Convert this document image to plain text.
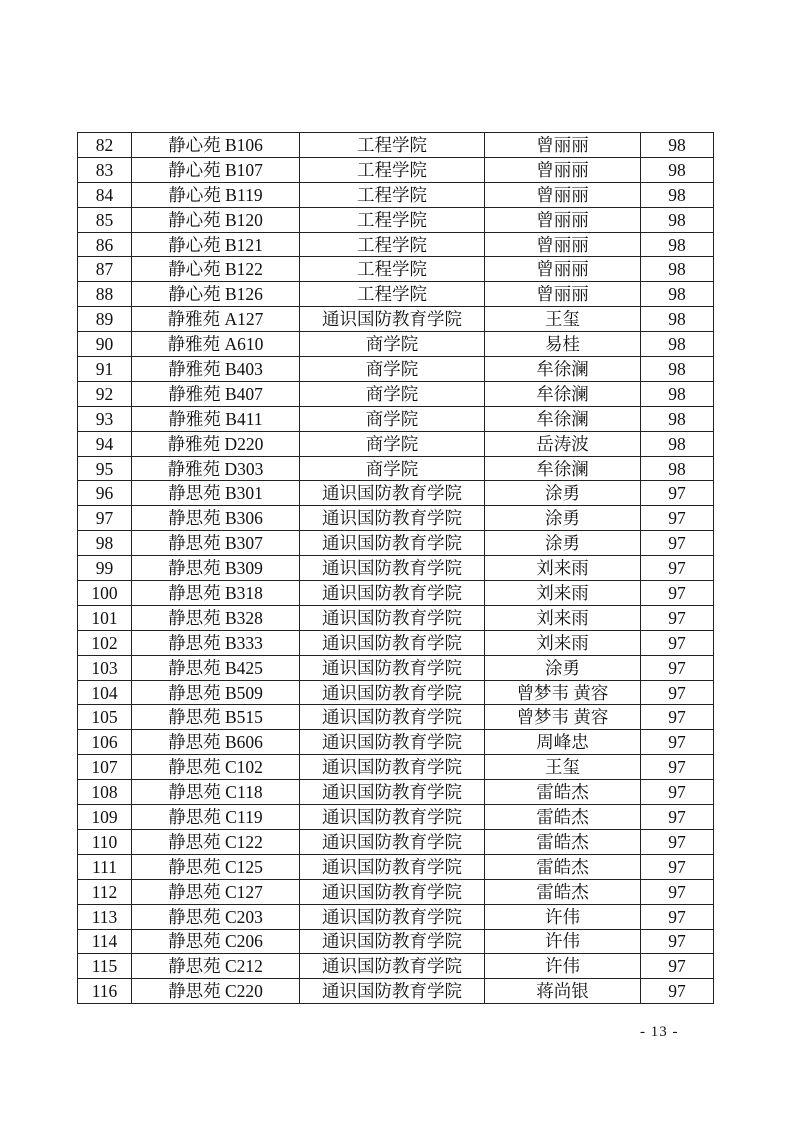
82	静心苑 B106	工程学院	曾丽丽	98
83	静心苑 B107	工程学院	曾丽丽	98
84	静心苑 B119	工程学院	曾丽丽	98
85	静心苑 B120	工程学院	曾丽丽	98
86	静心苑 B121	工程学院	曾丽丽	98
87	静心苑 B122	工程学院	曾丽丽	98
88	静心苑 B126	工程学院	曾丽丽	98
89	静雅苑 A127	通识国防教育学院	王玺	98
90	静雅苑 A610	商学院	易桂	98
91	静雅苑 B403	商学院	牟徐澜	98
92	静雅苑 B407	商学院	牟徐澜	98
93	静雅苑 B411	商学院	牟徐澜	98
94	静雅苑 D220	商学院	岳涛波	98
95	静雅苑 D303	商学院	牟徐澜	98
96	静思苑 B301	通识国防教育学院	涂勇	97
97	静思苑 B306	通识国防教育学院	涂勇	97
98	静思苑 B307	通识国防教育学院	涂勇	97
99	静思苑 B309	通识国防教育学院	刘来雨	97
100	静思苑 B318	通识国防教育学院	刘来雨	97
101	静思苑 B328	通识国防教育学院	刘来雨	97
102	静思苑 B333	通识国防教育学院	刘来雨	97
103	静思苑 B425	通识国防教育学院	涂勇	97
104	静思苑 B509	通识国防教育学院	曾梦韦 黄容	97
105	静思苑 B515	通识国防教育学院	曾梦韦 黄容	97
106	静思苑 B606	通识国防教育学院	周峰忠	97
107	静思苑 C102	通识国防教育学院	王玺	97
108	静思苑 C118	通识国防教育学院	雷皓杰	97
109	静思苑 C119	通识国防教育学院	雷皓杰	97
110	静思苑 C122	通识国防教育学院	雷皓杰	97
111	静思苑 C125	通识国防教育学院	雷皓杰	97
112	静思苑 C127	通识国防教育学院	雷皓杰	97
113	静思苑 C203	通识国防教育学院	许伟	97
114	静思苑 C206	通识国防教育学院	许伟	97
115	静思苑 C212	通识国防教育学院	许伟	97
116	静思苑 C220	通识国防教育学院	蒋尚银	97
- 13 -
